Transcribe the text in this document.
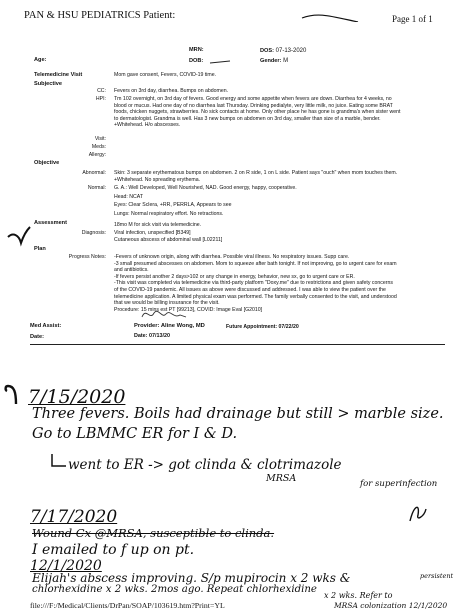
PAN & HSU PEDIATRICS Patient:	Page 1 of 1
Age:
MRN:
DOB:
DOS: 07-13-2020
Gender: M
Telemedicine Visit
Subjective
Mom gave consent, Fevers, COVID-19 time.
CC: Fevers on 3rd day, diarrhea. Bumps on abdomen.
HPI: Tm 102 overnight, on 3rd day of fevers. Good energy and some appetite when fevers are down. Diarrhea for 4 weeks, no
blood or mucus. Had one day of no diarrhea last Thursday. Drinking pedialyte, very little milk, no juice. Eating some BRAT
foods, chicken nuggets, strawberries. No sick contacts at home. Only other place he has gone is grandma's when sister went
to dermatologist. Grandma is well. Has 3 new bumps on abdomen on 3rd day, smaller than size of a marble, bender.
+Whitehead. H/o abscesses.
Visit:
Meds:
Allergy:
Objective
Abnormal: Skin: 3 separate erythematous bumps on abdomen. 2 on R side, 1 on L side. Patient says "ouch" when mom touches them.
+Whitehead. No spreading erythema.
Normal: G. A.: Well Developed, Well Nourished, NAD. Good energy, happy, cooperative.
Head: NCAT
Eyes: Clear Sclera, +RR, PERRLA, Appears to see
Lungs: Normal respiratory effort. No retractions.
Assessment	18mo M for sick visit via telemedicine.
Diagnosis: Viral infection, unspecified [B349]
Cutaneous abscess of abdominal wall [L02211]
Plan
Progress Notes: -Fevers of unknown origin, along with diarrhea. Possible viral illness. No respiratory issues. Supp care.
-3 small presumed abscesses on abdomen. Mom to squeeze after bath tonight. If not improving, go to urgent care for exam
and antibiotics.
-If fevers persist another 2 days>102 or any change in energy, behavior, new sx, go to urgent care or ER.
-This visit was completed via telemedicine via third-party platform "Doxy.me" due to restrictions and given safety concerns
of the COVID-19 pandemic. All issues as above were discussed and addressed. I was able to view the patient over the
telemedicine application. A limited physical exam was performed. The family verbally consented to the visit, and understood
that we would be billing insurance for the visit.
Procedure: 15 mins est PT [99213], COVID: Image Eval [G2010]
Med Assist:
Date:
Provider: Aline Wong, MD	Future Appointment: 07/22/20
Date: 07/13/20
7/15/2020
Three fevers. Boils had drainage but still > marble size.
Go to LBMMC ER for I & D.
went to ER -> got clinda & clotrimazole
MRSA	for superinfection
7/17/2020
Wound Cx @MRSA, susceptible to clinda.
I emailed to f up on pt.
12/1/2020
Elijah's abscess improving. S/p mupirocin x 2 wks &
chlorhexidine x 2 wks. 2mos ago. Repeat chlorhexidine
x 2 wks. Refer to
persistent
MRSA colonization 12/1/2020
file:///F:/Medical/Clients/DrPan/SOAP/103619.htm?Print=YL
